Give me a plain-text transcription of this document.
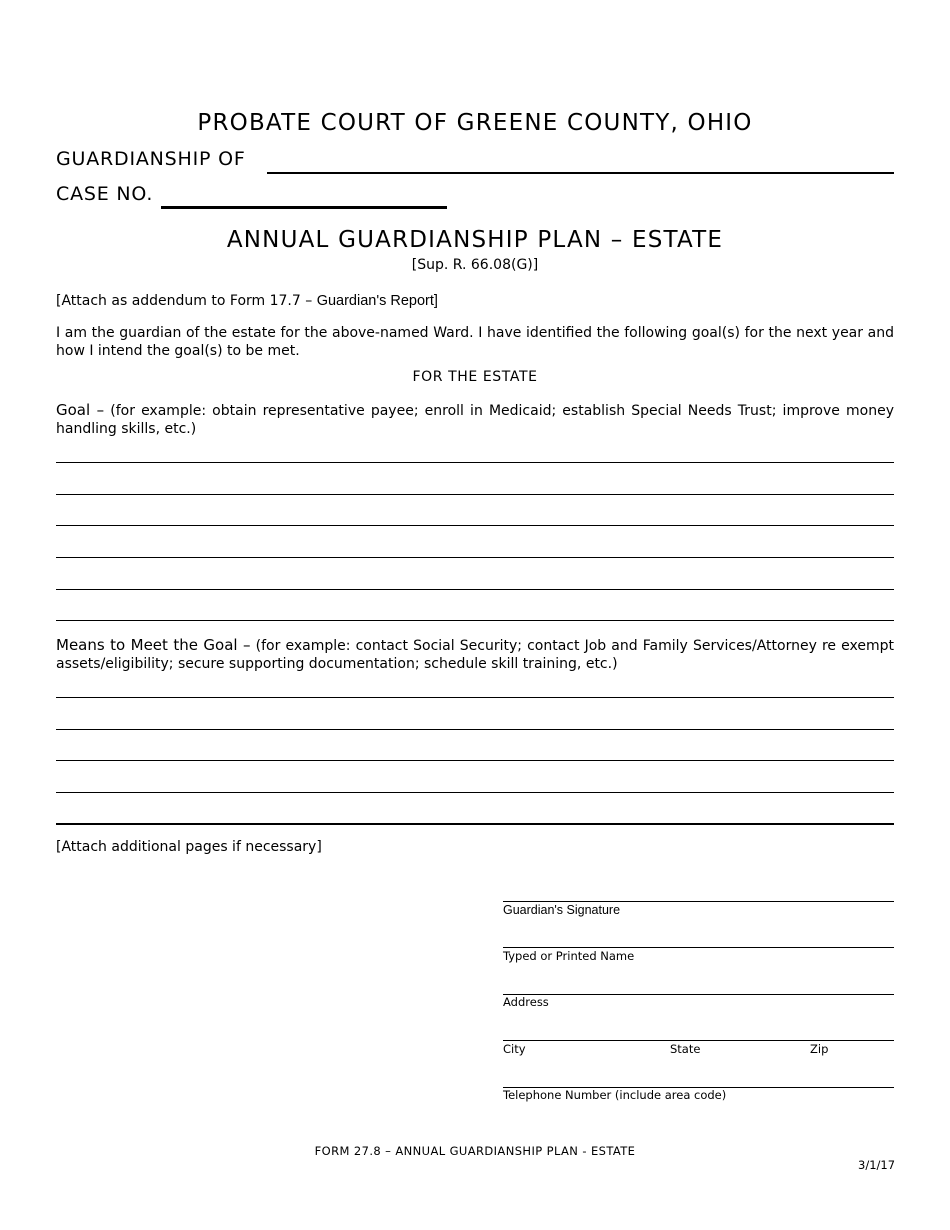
PROBATE COURT OF GREENE COUNTY, OHIO
GUARDIANSHIP OF
CASE NO.
ANNUAL GUARDIANSHIP PLAN – ESTATE
[Sup. R. 66.08(G)]
[Attach as addendum to Form 17.7 – Guardian's Report]
I am the guardian of the estate for the above-named Ward. I have identified the following goal(s) for the next year and how I intend the goal(s) to be met.
FOR THE ESTATE
Goal – (for example: obtain representative payee; enroll in Medicaid; establish Special Needs Trust; improve money handling skills, etc.)
Means to Meet the Goal – (for example: contact Social Security; contact Job and Family Services/Attorney re exempt assets/eligibility; secure supporting documentation; schedule skill training, etc.)
[Attach additional pages if necessary]
Guardian's Signature
Typed or Printed Name
Address
City	State	Zip
Telephone Number (include area code)
FORM 27.8 – ANNUAL GUARDIANSHIP PLAN - ESTATE
3/1/17
